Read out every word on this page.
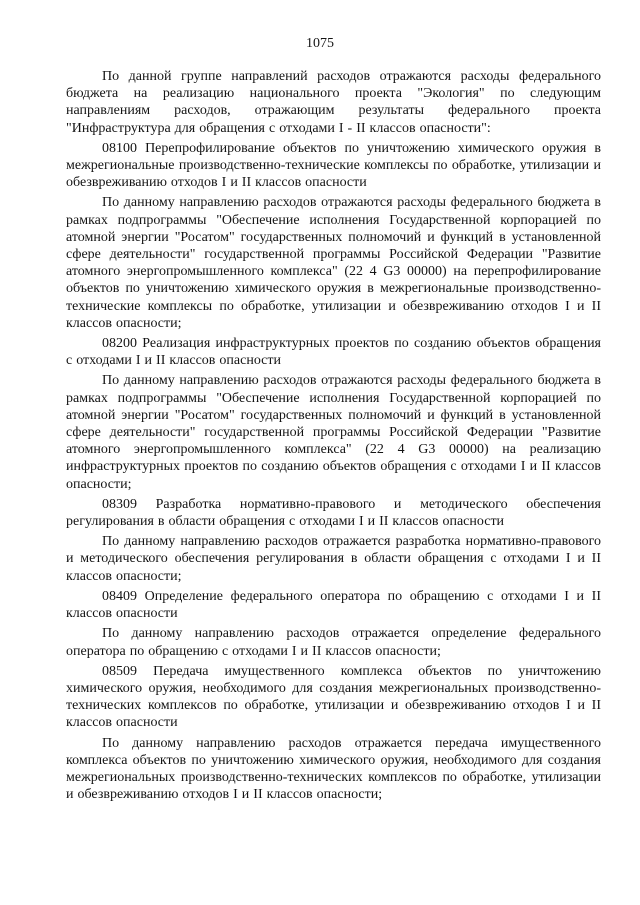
1075

По данной группе направлений расходов отражаются расходы федерального бюджета на реализацию национального проекта "Экология" по следующим направлениям расходов, отражающим результаты федерального проекта "Инфраструктура для обращения с отходами I - II классов опасности":

08100 Перепрофилирование объектов по уничтожению химического оружия в межрегиональные производственно-технические комплексы по обработке, утилизации и обезвреживанию отходов I и II классов опасности

По данному направлению расходов отражаются расходы федерального бюджета в рамках подпрограммы "Обеспечение исполнения Государственной корпорацией по атомной энергии "Росатом" государственных полномочий и функций в установленной сфере деятельности" государственной программы Российской Федерации "Развитие атомного энергопромышленного комплекса" (22 4 G3 00000) на перепрофилирование объектов по уничтожению химического оружия в межрегиональные производственно-технические комплексы по обработке, утилизации и обезвреживанию отходов I и II классов опасности;

08200 Реализация инфраструктурных проектов по созданию объектов обращения с отходами I и II классов опасности

По данному направлению расходов отражаются расходы федерального бюджета в рамках подпрограммы "Обеспечение исполнения Государственной корпорацией по атомной энергии "Росатом" государственных полномочий и функций в установленной сфере деятельности" государственной программы Российской Федерации "Развитие атомного энергопромышленного комплекса" (22 4 G3 00000) на реализацию инфраструктурных проектов по созданию объектов обращения с отходами I и II классов опасности;

08309 Разработка нормативно-правового и методического обеспечения регулирования в области обращения с отходами I и II классов опасности

По данному направлению расходов отражается разработка нормативно-правового и методического обеспечения регулирования в области обращения с отходами I и II классов опасности;

08409 Определение федерального оператора по обращению с отходами I и II классов опасности

По данному направлению расходов отражается определение федерального оператора по обращению с отходами I и II классов опасности;

08509 Передача имущественного комплекса объектов по уничтожению химического оружия, необходимого для создания межрегиональных производственно-технических комплексов по обработке, утилизации и обезвреживанию отходов I и II классов опасности

По данному направлению расходов отражается передача имущественного комплекса объектов по уничтожению химического оружия, необходимого для создания межрегиональных производственно-технических комплексов по обработке, утилизации и обезвреживанию отходов I и II классов опасности;
